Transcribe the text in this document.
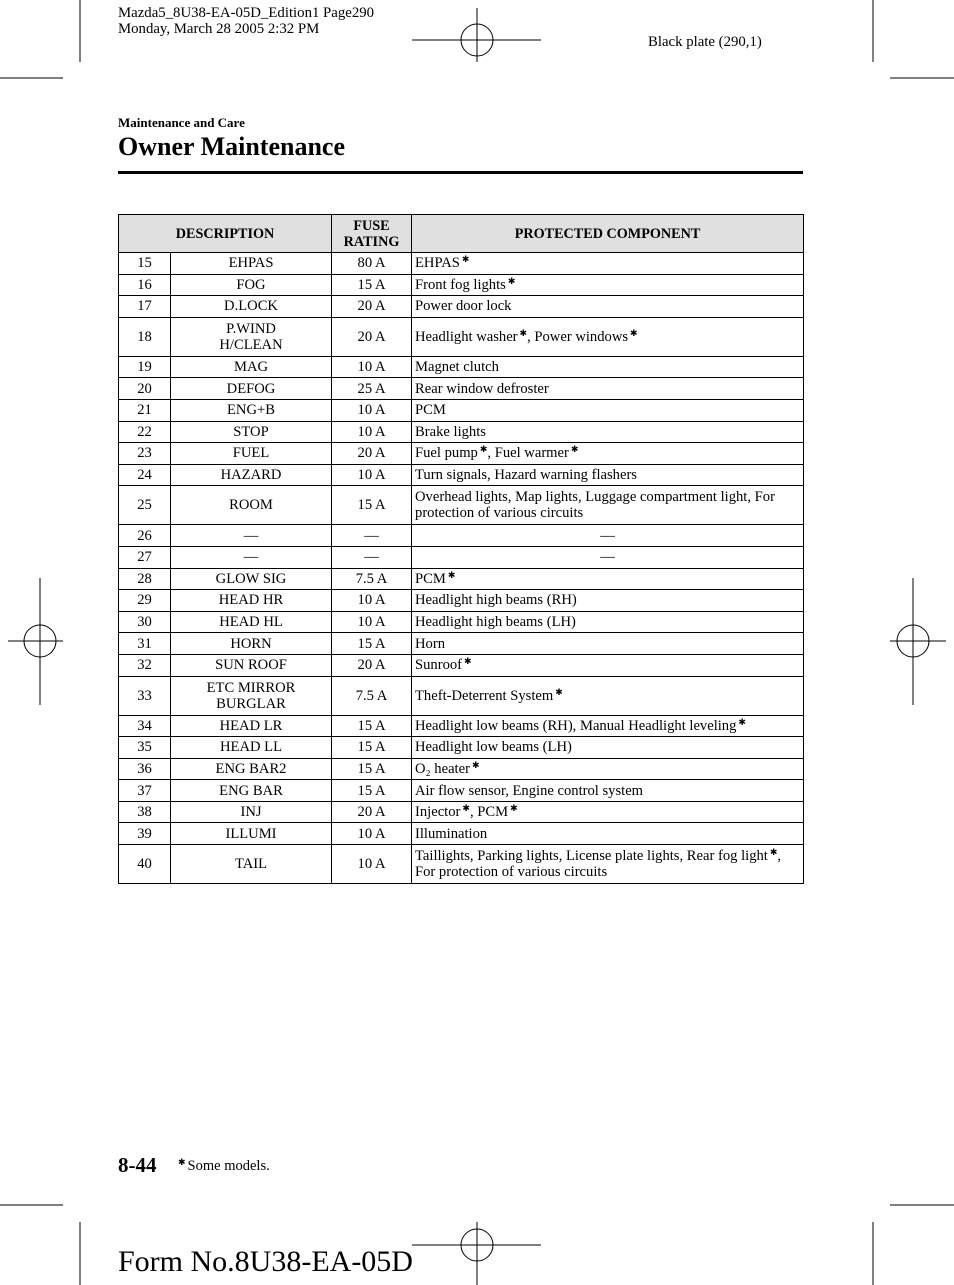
Mazda5_8U38-EA-05D_Edition1 Page290
Monday, March 28 2005 2:32 PM
Black plate (290,1)
Maintenance and Care
Owner Maintenance
DESCRIPTION		FUSE
RATING	PROTECTED COMPONENT
15	EHPAS	80 A	EHPAS ✱
16	FOG	15 A	Front fog lights ✱
17	D.LOCK	20 A	Power door lock
18	P.WIND
H/CLEAN	20 A	Headlight washer ✱, Power windows ✱
19	MAG	10 A	Magnet clutch
20	DEFOG	25 A	Rear window defroster
21	ENG+B	10 A	PCM
22	STOP	10 A	Brake lights
23	FUEL	20 A	Fuel pump ✱, Fuel warmer ✱
24	HAZARD	10 A	Turn signals, Hazard warning flashers
25	ROOM	15 A	Overhead lights, Map lights, Luggage compartment light, For
protection of various circuits
26	—	—	—
27	—	—	—
28	GLOW SIG	7.5 A	PCM ✱
29	HEAD HR	10 A	Headlight high beams (RH)
30	HEAD HL	10 A	Headlight high beams (LH)
31	HORN	15 A	Horn
32	SUN ROOF	20 A	Sunroof ✱
33	ETC MIRROR
BURGLAR	7.5 A	Theft-Deterrent System ✱
34	HEAD LR	15 A	Headlight low beams (RH), Manual Headlight leveling ✱
35	HEAD LL	15 A	Headlight low beams (LH)
36	ENG BAR2	15 A	O₂ heater ✱
37	ENG BAR	15 A	Air flow sensor, Engine control system
38	INJ	20 A	Injector ✱, PCM ✱
39	ILLUMI	10 A	Illumination
40	TAIL	10 A	Taillights, Parking lights, License plate lights, Rear fog light ✱,
For protection of various circuits
8-44 ✱ Some models.
Form No.8U38-EA-05D
